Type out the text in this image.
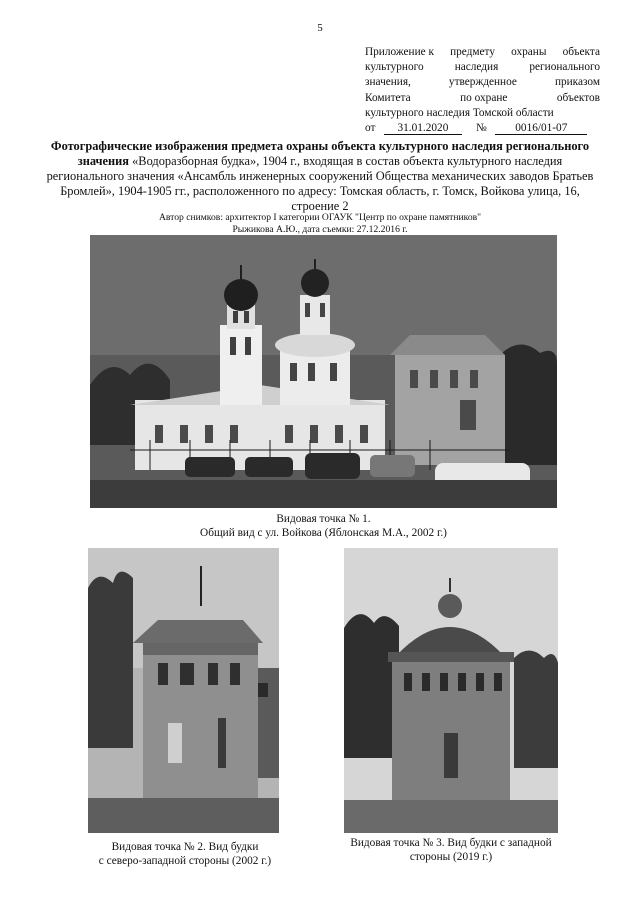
5
Приложение к предмету охраны объекта
культурного	наследия	регионального
значения,	утвержденное	приказом
Комитета	по охране	объектов
культурного наследия Томской области
от 31.01.2020 №	0016/01-07
Фотографические изображения предмета охраны объекта культурного наследия регионального значения «Водоразборная будка», 1904 г., входящая в состав объекта культурного наследия регионального значения «Ансамбль инженерных сооружений Общества механических заводов Братьев Бромлей», 1904-1905 гг., расположенного по адресу: Томская область, г. Томск, Войкова улица, 16, строение 2
Автор снимков: архитектор I категории ОГАУК "Центр по охране памятников"
Рыжикова А.Ю., дата съемки: 27.12.2016 г.
Видовая точка № 1.
Общий вид с ул. Войкова (Яблонская М.А., 2002 г.)
Видовая точка № 2. Вид будки
с северо-западной стороны (2002 г.)
Видовая точка № 3. Вид будки с западной
стороны (2019 г.)
